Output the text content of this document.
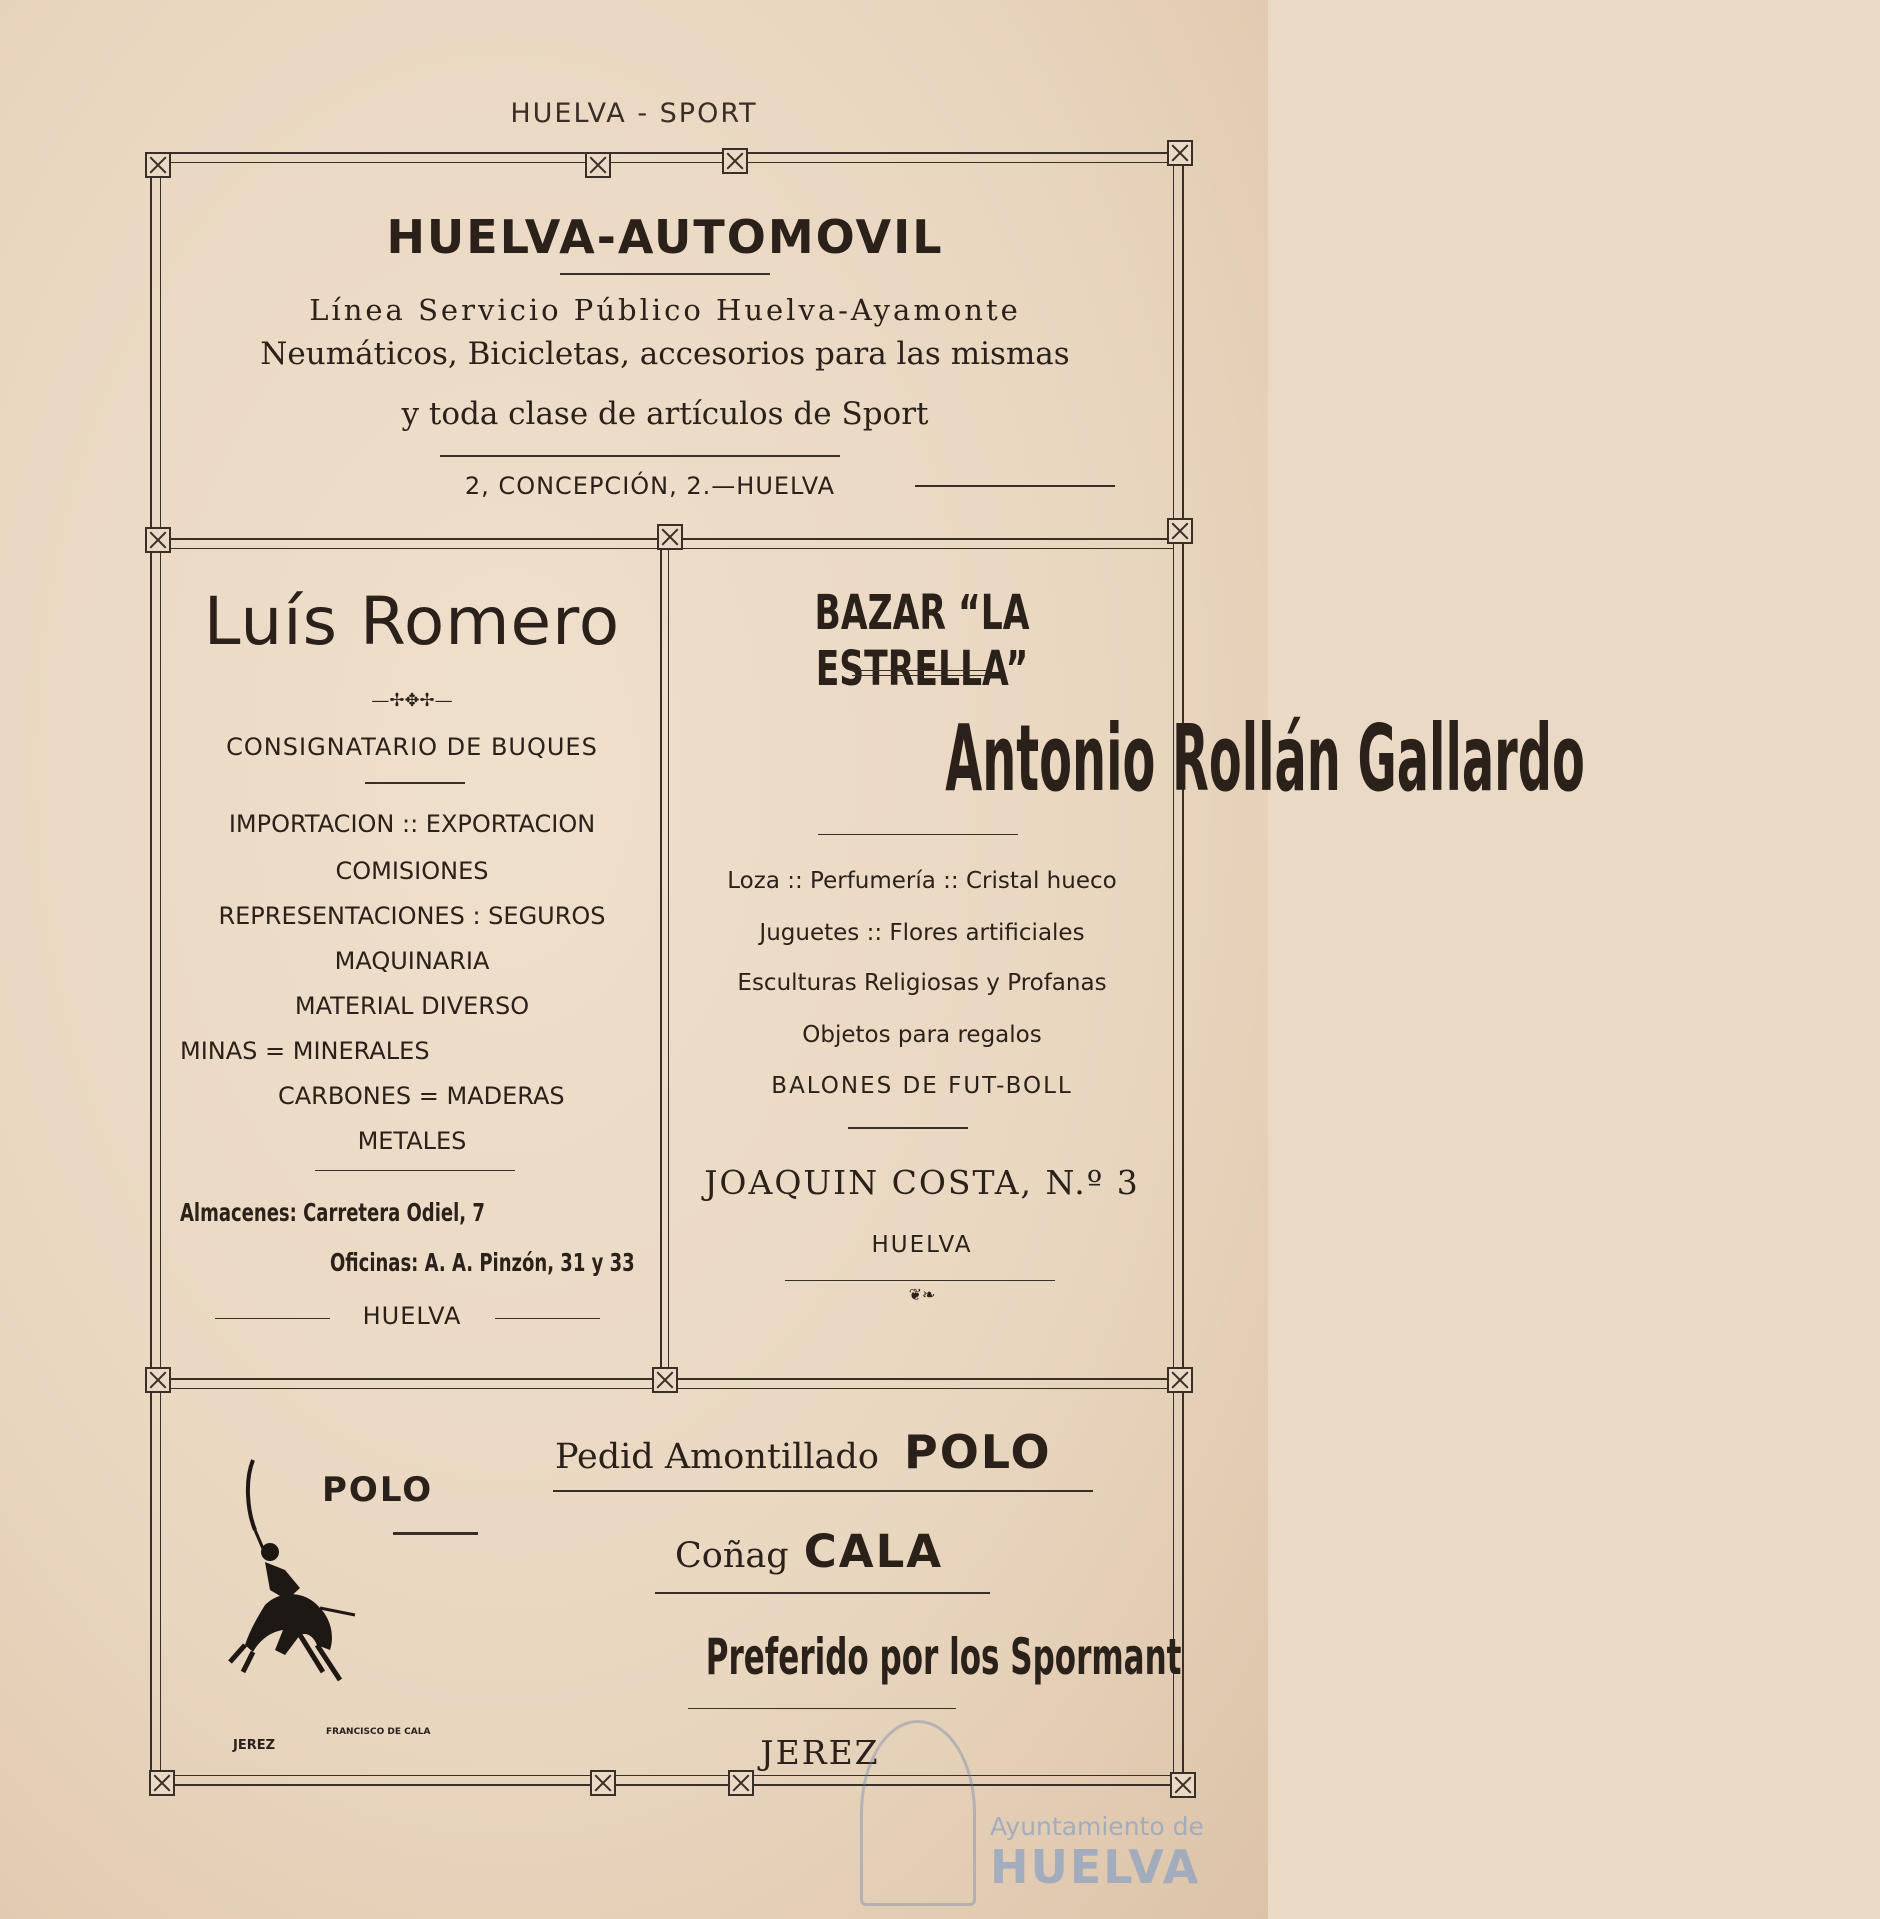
HUELVA - SPORT
HUELVA-AUTOMOVIL
Línea Servicio Público Huelva-Ayamonte
Neumáticos, Bicicletas, accesorios para las mismas
y toda clase de artículos de Sport
2, CONCEPCIÓN, 2.—HUELVA
Luís Romero
—✢✥✢—
CONSIGNATARIO DE BUQUES
IMPORTACION :: EXPORTACION
COMISIONES
REPRESENTACIONES : SEGUROS
MAQUINARIA
MATERIAL DIVERSO
MINAS = MINERALES
CARBONES = MADERAS
METALES
Almacenes: Carretera Odiel, 7
Oficinas: A. A. Pinzón, 31 y 33
HUELVA
BAZAR “LA ESTRELLA”
Antonio Rollán Gallardo
Loza :: Perfumería :: Cristal hueco
Juguetes :: Flores artificiales
Esculturas Religiosas y Profanas
Objetos para regalos
BALONES DE FUT-BOLL
JOAQUIN COSTA, N.º 3
HUELVA
❦❧
POLO
JEREZ
FRANCISCO DE CALA
Pedid Amontillado POLO
Coñag CALA
Preferido por los Spormant
JEREZ
Ayuntamiento de
HUELVA
